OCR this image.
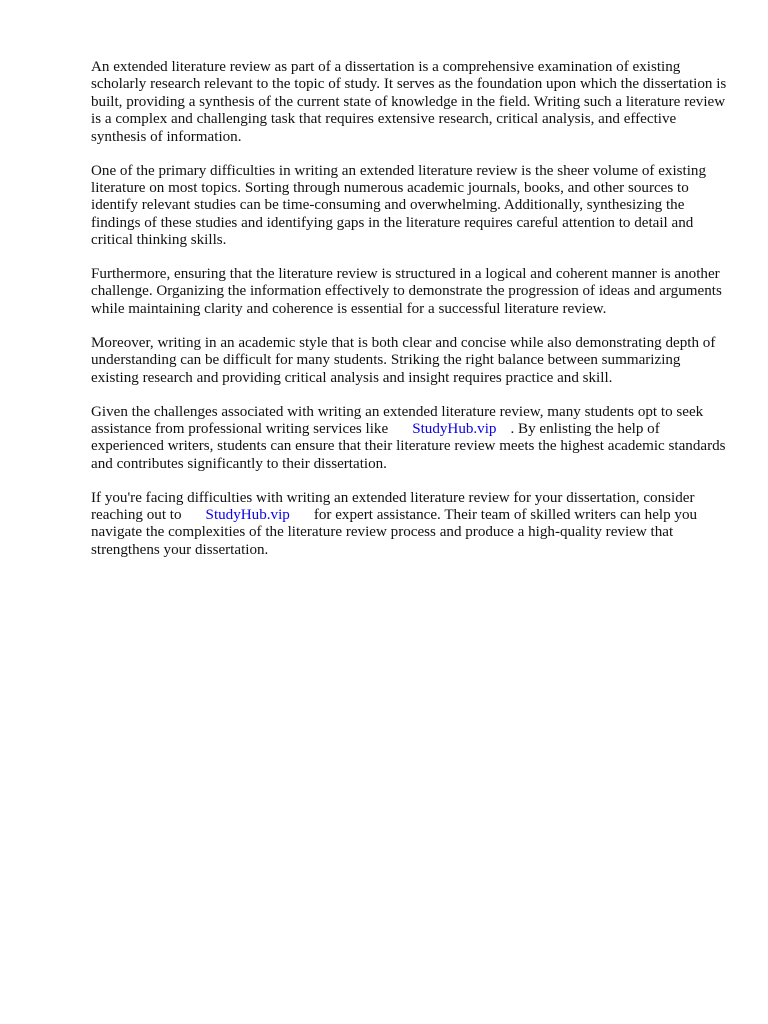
An extended literature review as part of a dissertation is a comprehensive examination of existing scholarly research relevant to the topic of study. It serves as the foundation upon which the dissertation is built, providing a synthesis of the current state of knowledge in the field. Writing such a literature review is a complex and challenging task that requires extensive research, critical analysis, and effective synthesis of information.

One of the primary difficulties in writing an extended literature review is the sheer volume of existing literature on most topics. Sorting through numerous academic journals, books, and other sources to identify relevant studies can be time-consuming and overwhelming. Additionally, synthesizing the findings of these studies and identifying gaps in the literature requires careful attention to detail and critical thinking skills.

Furthermore, ensuring that the literature review is structured in a logical and coherent manner is another challenge. Organizing the information effectively to demonstrate the progression of ideas and arguments while maintaining clarity and coherence is essential for a successful literature review.

Moreover, writing in an academic style that is both clear and concise while also demonstrating depth of understanding can be difficult for many students. Striking the right balance between summarizing existing research and providing critical analysis and insight requires practice and skill.

Given the challenges associated with writing an extended literature review, many students opt to seek assistance from professional writing services like StudyHub.vip . By enlisting the help of experienced writers, students can ensure that their literature review meets the highest academic standards and contributes significantly to their dissertation.

If you're facing difficulties with writing an extended literature review for your dissertation, consider reaching out to StudyHub.vip for expert assistance. Their team of skilled writers can help you navigate the complexities of the literature review process and produce a high-quality review that strengthens your dissertation.
